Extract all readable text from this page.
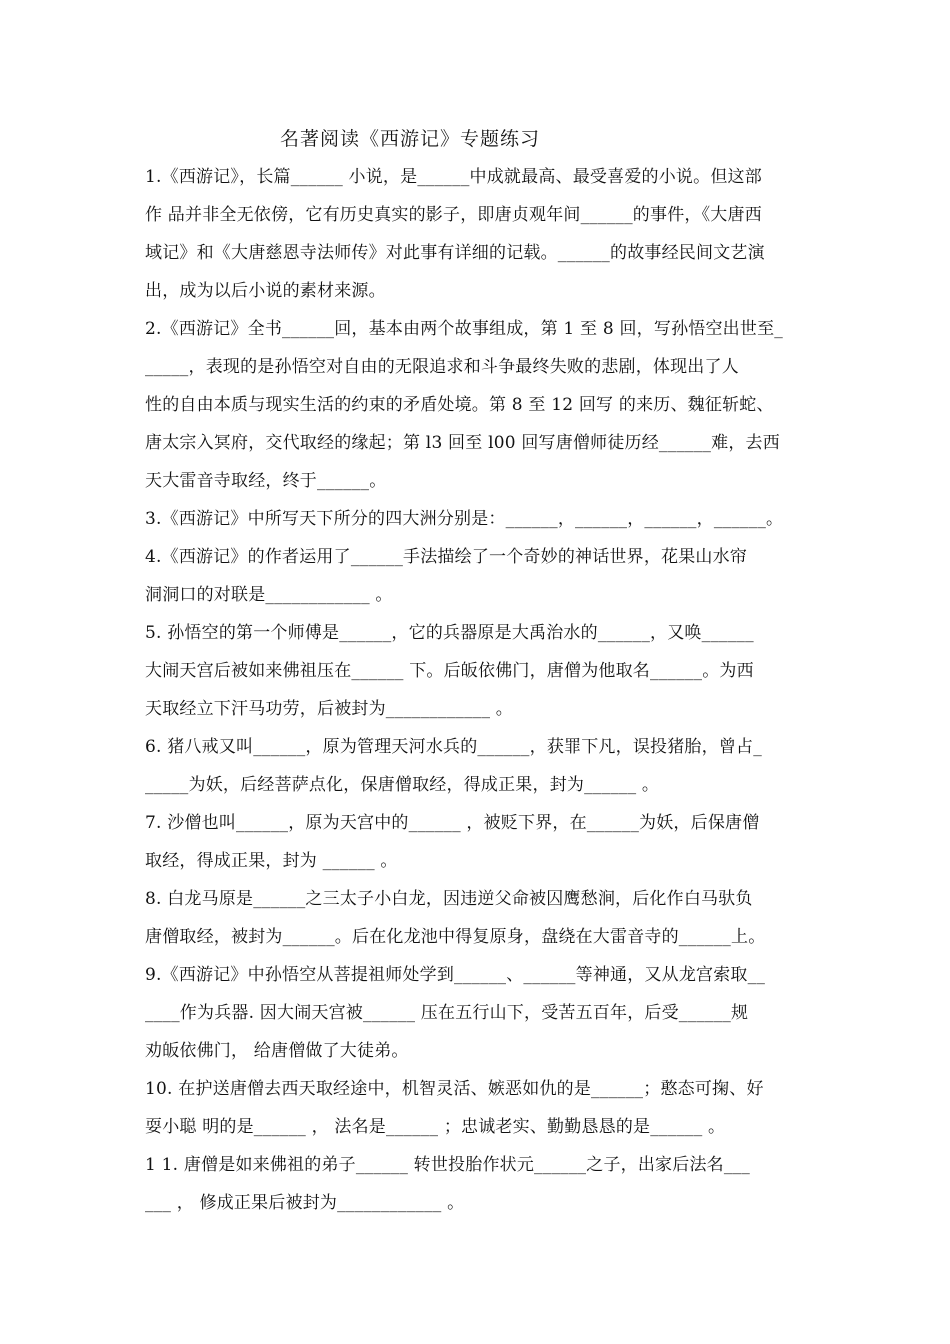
名著阅读《西游记》专题练习
1.《西游记》，长篇______ 小说，是______中成就最高、最受喜爱的小说。但这部
作 品并非全无依傍，它有历史真实的影子，即唐贞观年间______的事件，《大唐西
域记》和《大唐慈恩寺法师传》对此事有详细的记载。______的故事经民间文艺演
出，成为以后小说的素材来源。
2.《西游记》全书______回，基本由两个故事组成，第 1 至 8 回，写孙悟空出世至_
_____，表现的是孙悟空对自由的无限追求和斗争最终失败的悲剧，体现出了人
性的自由本质与现实生活的约束的矛盾处境。第 8 至 12 回写 的来历、魏征斩蛇、
唐太宗入冥府，交代取经的缘起；第 l3 回至 l00 回写唐僧师徒历经______难，去西
天大雷音寺取经，终于______。
3.《西游记》中所写天下所分的四大洲分别是：______，______，______，______。
4.《西游记》的作者运用了______手法描绘了一个奇妙的神话世界，花果山水帘
洞洞口的对联是____________ 。
5. 孙悟空的第一个师傅是______，它的兵器原是大禹治水的______，又唤______
大闹天宫后被如来佛祖压在______ 下。后皈依佛门，唐僧为他取名______。为西
天取经立下汗马功劳，后被封为____________ 。
6. 猪八戒又叫______，原为管理天河水兵的______，获罪下凡，误投猪胎，曾占_
_____为妖，后经菩萨点化，保唐僧取经，得成正果，封为______ 。
7. 沙僧也叫______，原为天宫中的______ ，被贬下界，在______为妖，后保唐僧
取经，得成正果，封为 ______ 。
8. 白龙马原是______之三太子小白龙，因违逆父命被囚鹰愁涧，后化作白马驮负
唐僧取经，被封为______。后在化龙池中得复原身，盘绕在大雷音寺的______上。
9.《西游记》中孙悟空从菩提祖师处学到______、______等神通，又从龙宫索取__
____作为兵器. 因大闹天宫被______ 压在五行山下，受苦五百年，后受______规
劝皈依佛门， 给唐僧做了大徒弟。
10. 在护送唐僧去西天取经途中，机智灵活、嫉恶如仇的是______；憨态可掬、好
耍小聪 明的是______ ， 法名是______ ；忠诚老实、勤勤恳恳的是______ 。
1 1. 唐僧是如来佛祖的弟子______ 转世投胎作状元______之子，出家后法名___
___ ， 修成正果后被封为____________ 。
